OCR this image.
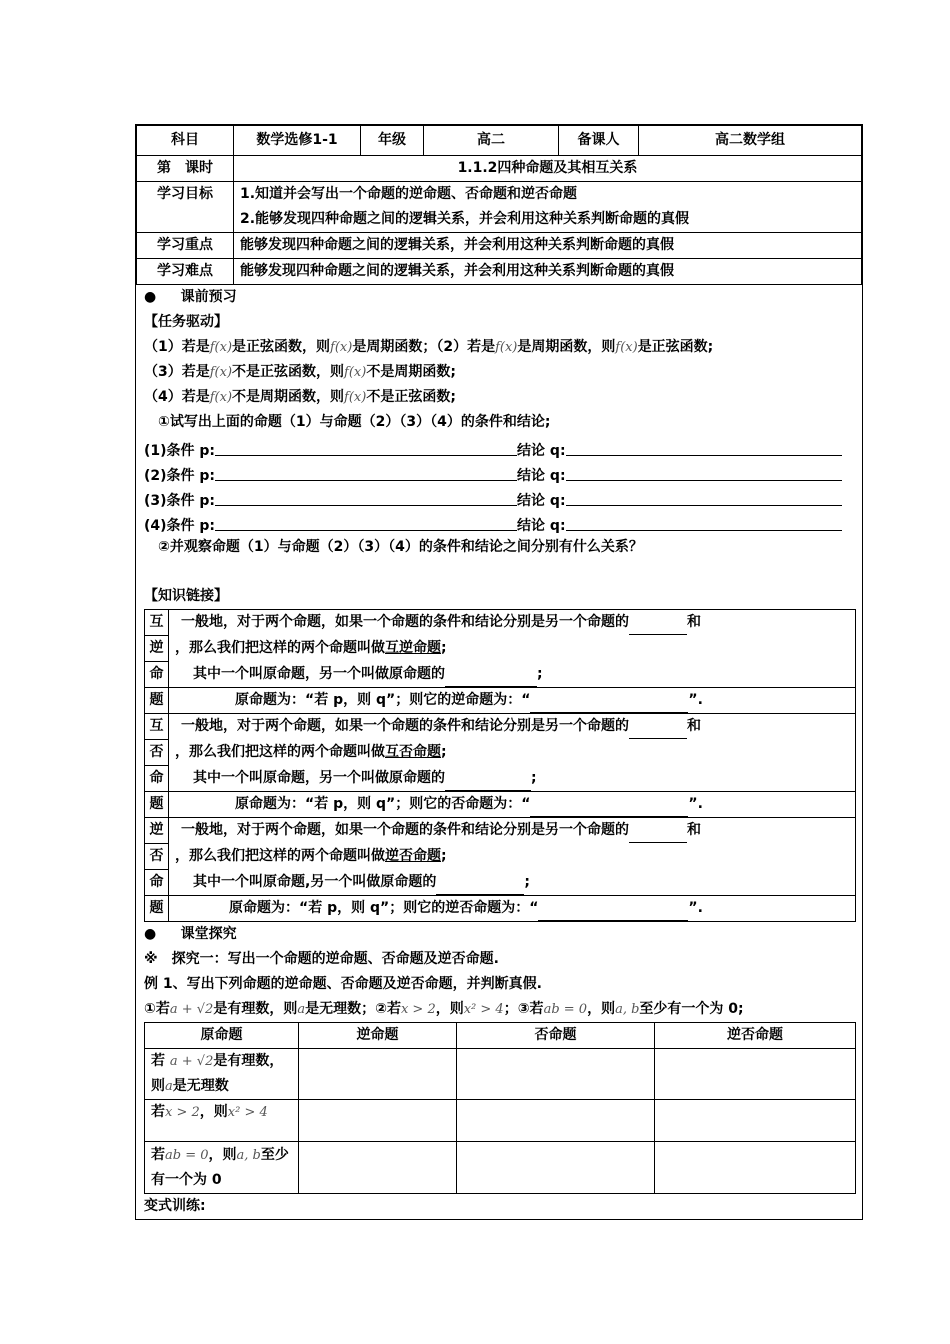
科目	数学选修1-1	年级	高二	备课人	高二数学组
第　课时	1.1.2四种命题及其相互关系				
学习目标	1.知道并会写出一个命题的逆命题、否命题和逆否命题
2.能够发现四种命题之间的逻辑关系，并会利用这种关系判断命题的真假				

学习重点	能够发现四种命题之间的逻辑关系，并会利用这种关系判断命题的真假				
学习难点	能够发现四种命题之间的逻辑关系，并会利用这种关系判断命题的真假				
● 课前预习
【任务驱动】
（1）若是f(x)是正弦函数，则f(x)是周期函数；（2）若是f(x)是周期函数，则f(x)是正弦函数;
（3）若是f(x)不是正弦函数，则f(x)不是周期函数;
（4）若是f(x)不是周期函数，则f(x)不是正弦函数;
①试写出上面的命题（1）与命题（2）（3）（4）的条件和结论;
(1)条件 p:	结论 q:
(2)条件 p:	结论 q:
(3)条件 p:	结论 q:
(4)条件 p:	结论 q:
②并观察命题（1）与命题（2）（3）（4）的条件和结论之间分别有什么关系？
【知识链接】
互	一般地，对于两个命题，如果一个命题的条件和结论分别是另一个命题的 和
逆	，那么我们把这样的两个命题叫做互逆命题;
命	其中一个叫原命题，另一个叫做原命题的 ;
题	原命题为：“若 p，则 q”；则它的逆命题为：“ ”.
互	一般地，对于两个命题，如果一个命题的条件和结论分别是另一个命题的 和
否	，那么我们把这样的两个命题叫做互否命题;
命	其中一个叫原命题，另一个叫做原命题的 ;
题	原命题为：“若 p，则 q”；则它的否命题为：“ ”.
逆	一般地，对于两个命题，如果一个命题的条件和结论分别是另一个命题的 和
否	，那么我们把这样的两个命题叫做逆否命题;
命	其中一个叫原命题,另一个叫做原命题的 ;
题	原命题为：“若 p，则 q”；则它的逆否命题为：“ ”.
● 课堂探究
※　探究一：写出一个命题的逆命题、否命题及逆否命题.
例 1、写出下列命题的逆命题、否命题及逆否命题，并判断真假.
①若a + √2是有理数，则a是无理数；②若x > 2，则x² > 4；③若ab = 0，则a, b至少有一个为 0;
原命题	逆命题	否命题	逆否命题
若 a + √2是有理数，则a是无理数			
若x > 2，则x² > 4			
若ab = 0，则a, b至少有一个为 0			
变式训练:
